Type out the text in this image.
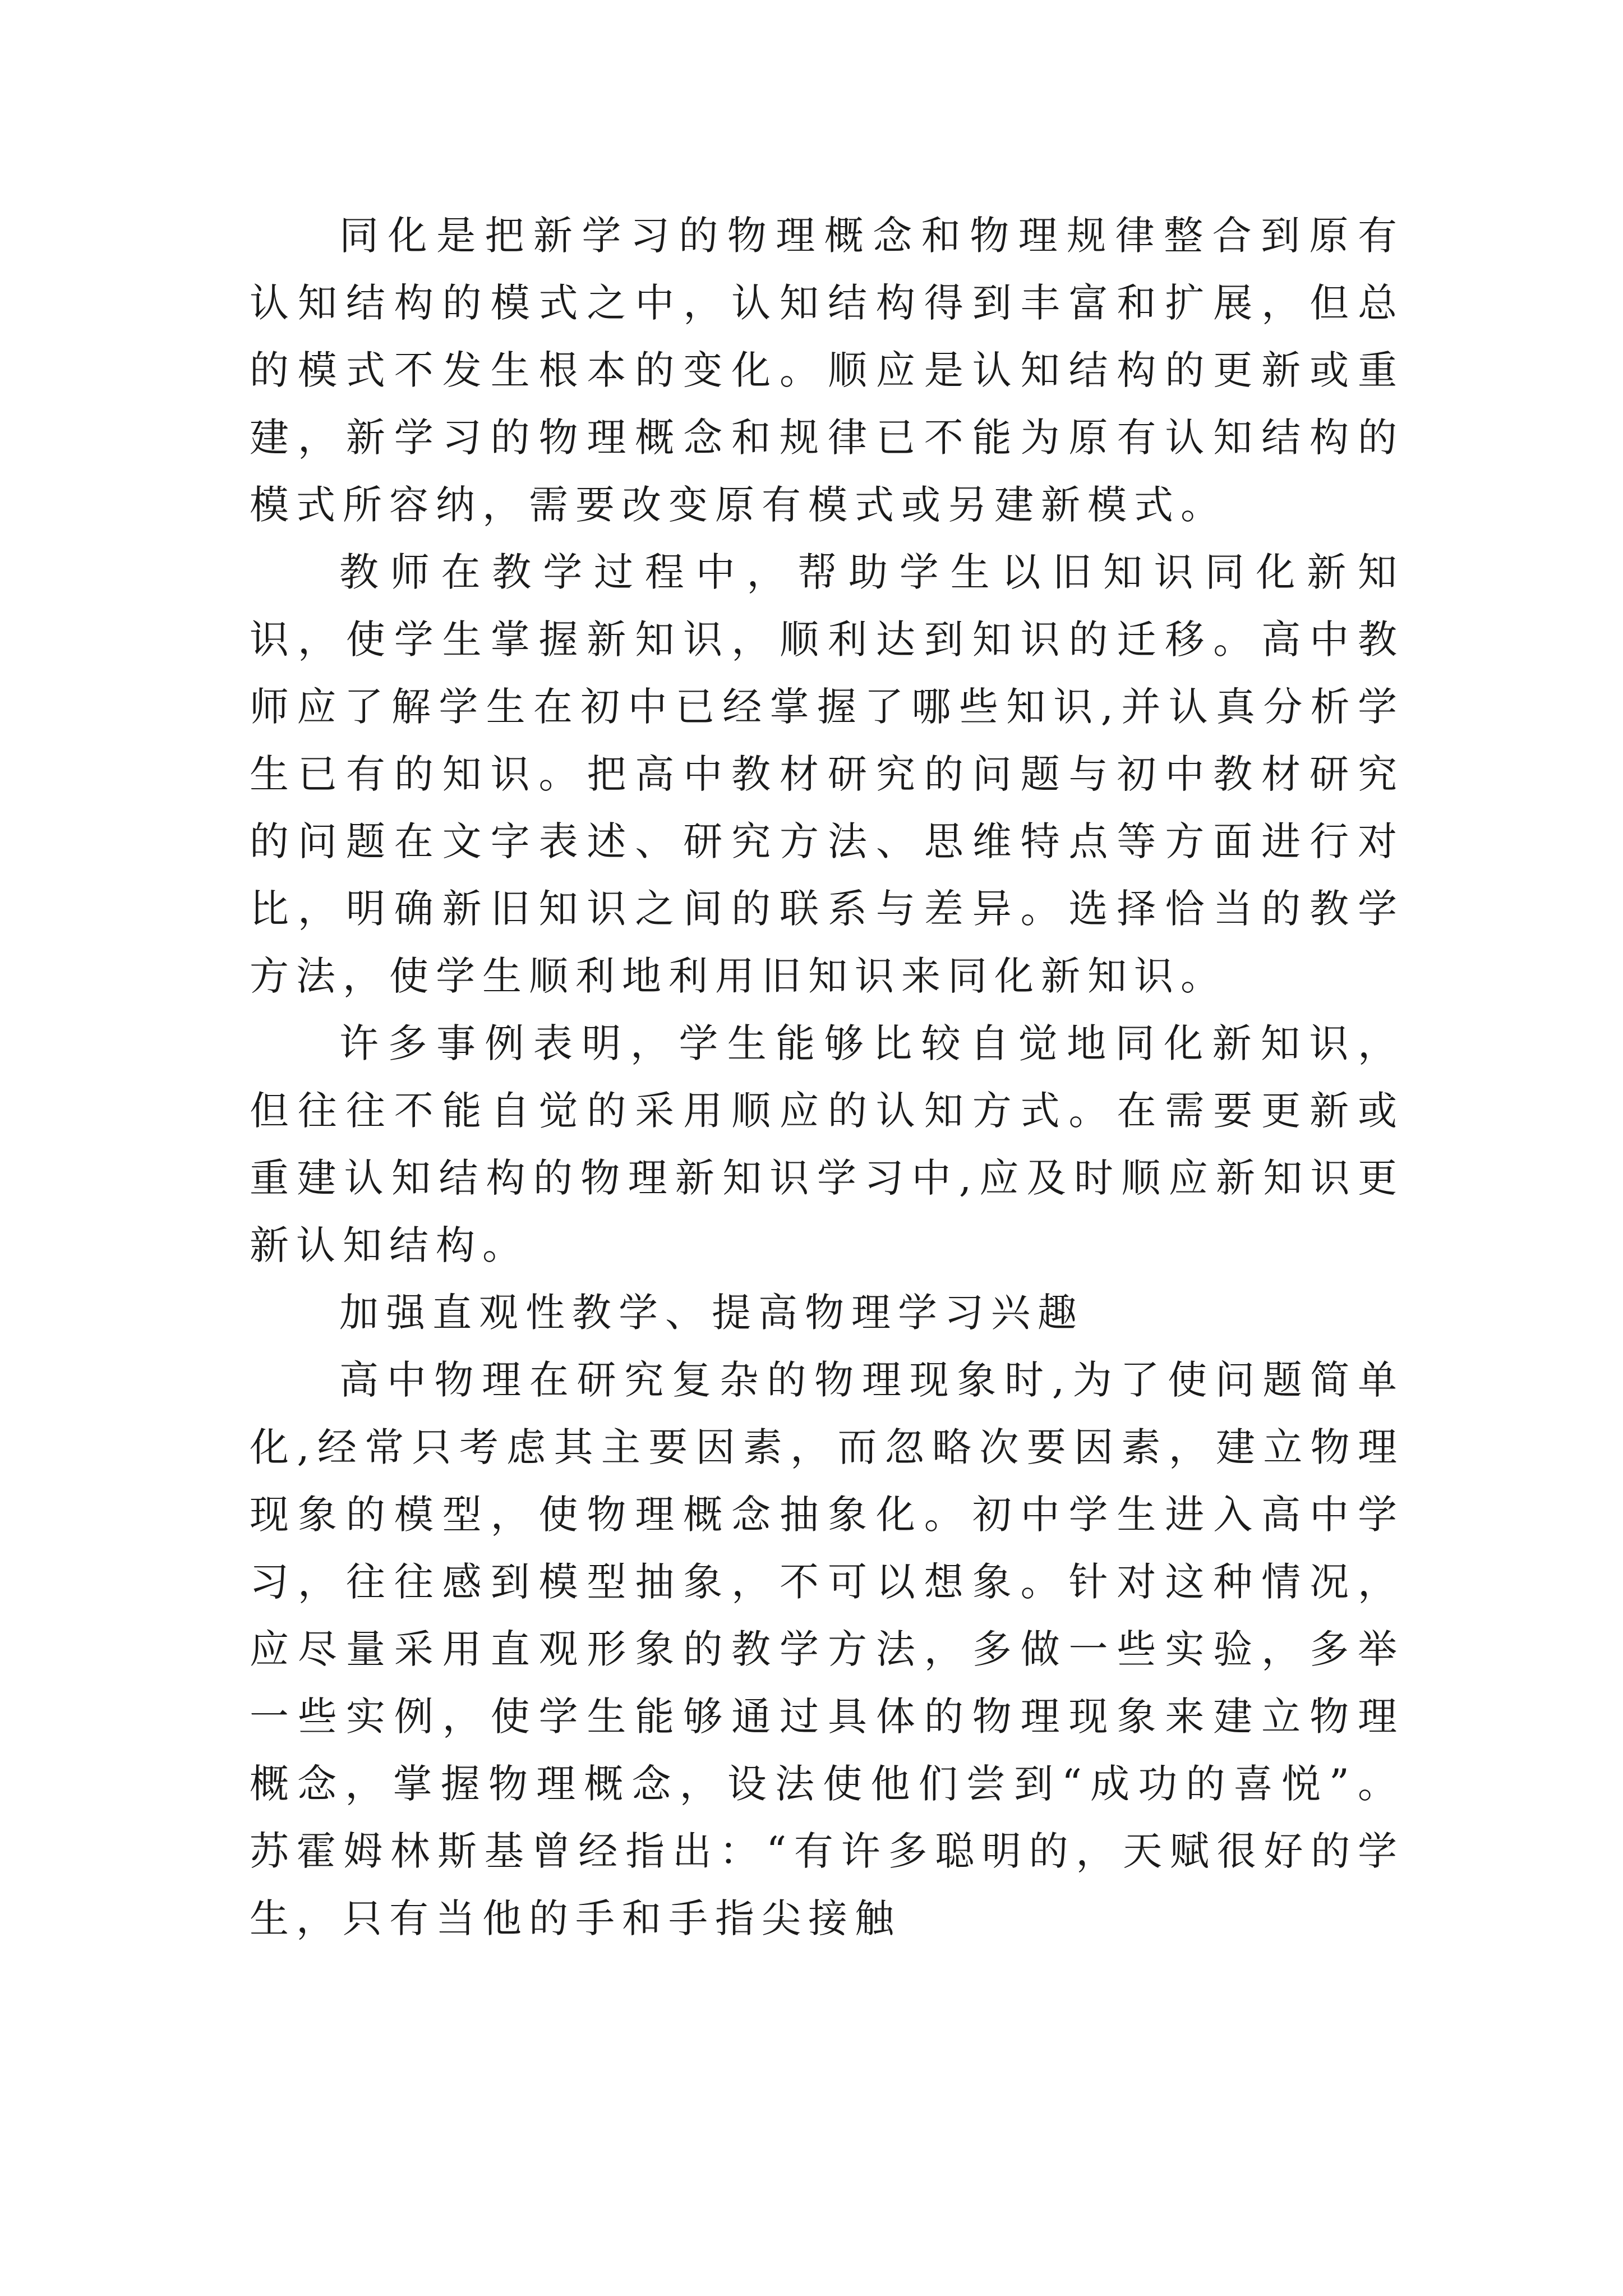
同化是把新学习的物理概念和物理规律整合到原有认知结构的模式之中，认知结构得到丰富和扩展，但总的模式不发生根本的变化。顺应是认知结构的更新或重建，新学习的物理概念和规律已不能为原有认知结构的模式所容纳，需要改变原有模式或另建新模式。

教师在教学过程中，帮助学生以旧知识同化新知识，使学生掌握新知识，顺利达到知识的迁移。高中教师应了解学生在初中已经掌握了哪些知识,并认真分析学生已有的知识。把高中教材研究的问题与初中教材研究的问题在文字表述、研究方法、思维特点等方面进行对比，明确新旧知识之间的联系与差异。选择恰当的教学方法，使学生顺利地利用旧知识来同化新知识。

许多事例表明，学生能够比较自觉地同化新知识，但往往不能自觉的采用顺应的认知方式。在需要更新或重建认知结构的物理新知识学习中,应及时顺应新知识更新认知结构。

加强直观性教学、提高物理学习兴趣

高中物理在研究复杂的物理现象时,为了使问题简单化,经常只考虑其主要因素，而忽略次要因素，建立物理现象的模型，使物理概念抽象化。初中学生进入高中学习，往往感到模型抽象，不可以想象。针对这种情况，应尽量采用直观形象的教学方法，多做一些实验，多举一些实例，使学生能够通过具体的物理现象来建立物理概念，掌握物理概念，设法使他们尝到“成功的喜悦”。苏霍姆林斯基曾经指出：“有许多聪明的，天赋很好的学生，只有当他的手和手指尖接触
